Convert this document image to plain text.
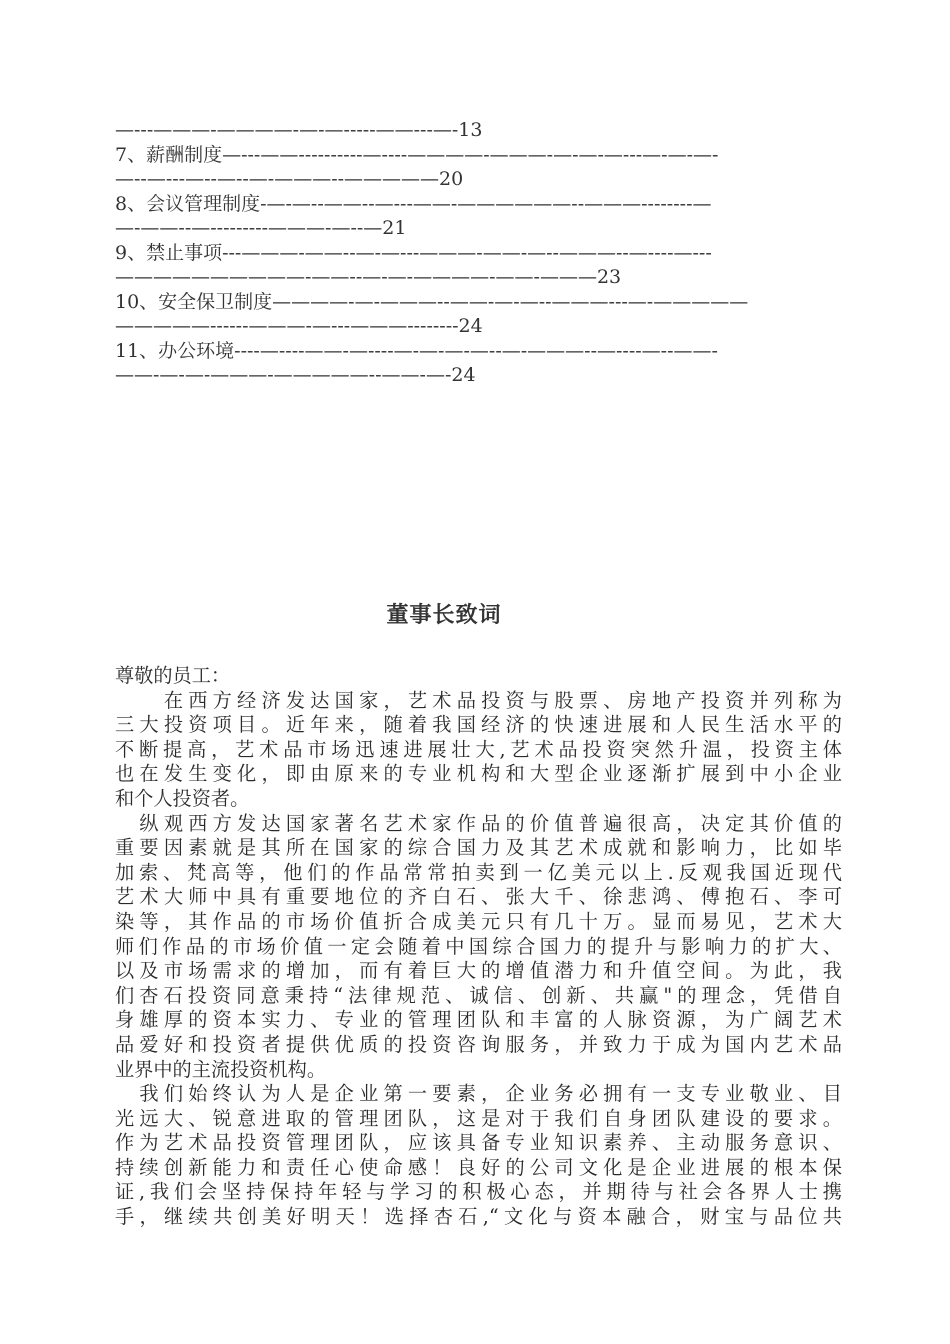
—---———-————-—-—-----——---—-13
7、薪酬制度—---——----------—----————-———-—-—-—---—-—-—-
—--—---—--—--—-———--—————20
8、会议管理制度-—-—--——--—---——-——————--———--------—
—-——--—---------———-—--—21
9、禁止事项---———-——--—-—---———-——-—--———--—----—---
——————————-——--—-—-————-——-———23
10、安全保卫制度————-—-———--——-—-—--———---—-—————
—————------———-—---———--------24
11、办公环境----—----——-—----—-—-—-—--—-———--—----—--——-
——-—-—-———-—————--——-—-24
董事长致词
尊敬的员工：
　　在西方经济发达国家，艺术品投资与股票、房地产投资并列称为
三大投资项目。近年来，随着我国经济的快速进展和人民生活水平的
不断提高，艺术品市场迅速进展壮大,艺术品投资突然升温，投资主体
也在发生变化，即由原来的专业机构和大型企业逐渐扩展到中小企业
和个人投资者。
　纵观西方发达国家著名艺术家作品的价值普遍很高，决定其价值的
重要因素就是其所在国家的综合国力及其艺术成就和影响力，比如毕
加索、梵高等，他们的作品常常拍卖到一亿美元以上.反观我国近现代
艺术大师中具有重要地位的齐白石、张大千、徐悲鸿、傅抱石、李可
染等，其作品的市场价值折合成美元只有几十万。显而易见，艺术大
师们作品的市场价值一定会随着中国综合国力的提升与影响力的扩大、
以及市场需求的增加，而有着巨大的增值潜力和升值空间。为此，我
们杏石投资同意秉持“法律规范、诚信、创新、共赢"的理念，凭借自
身雄厚的资本实力、专业的管理团队和丰富的人脉资源，为广阔艺术
品爱好和投资者提供优质的投资咨询服务，并致力于成为国内艺术品
业界中的主流投资机构。
　我们始终认为人是企业第一要素，企业务必拥有一支专业敬业、目
光远大、锐意进取的管理团队，这是对于我们自身团队建设的要求。
作为艺术品投资管理团队，应该具备专业知识素养、主动服务意识、
持续创新能力和责任心使命感！良好的公司文化是企业进展的根本保
证,我们会坚持保持年轻与学习的积极心态，并期待与社会各界人士携
手，继续共创美好明天！选择杏石,“文化与资本融合，财宝与品位共
